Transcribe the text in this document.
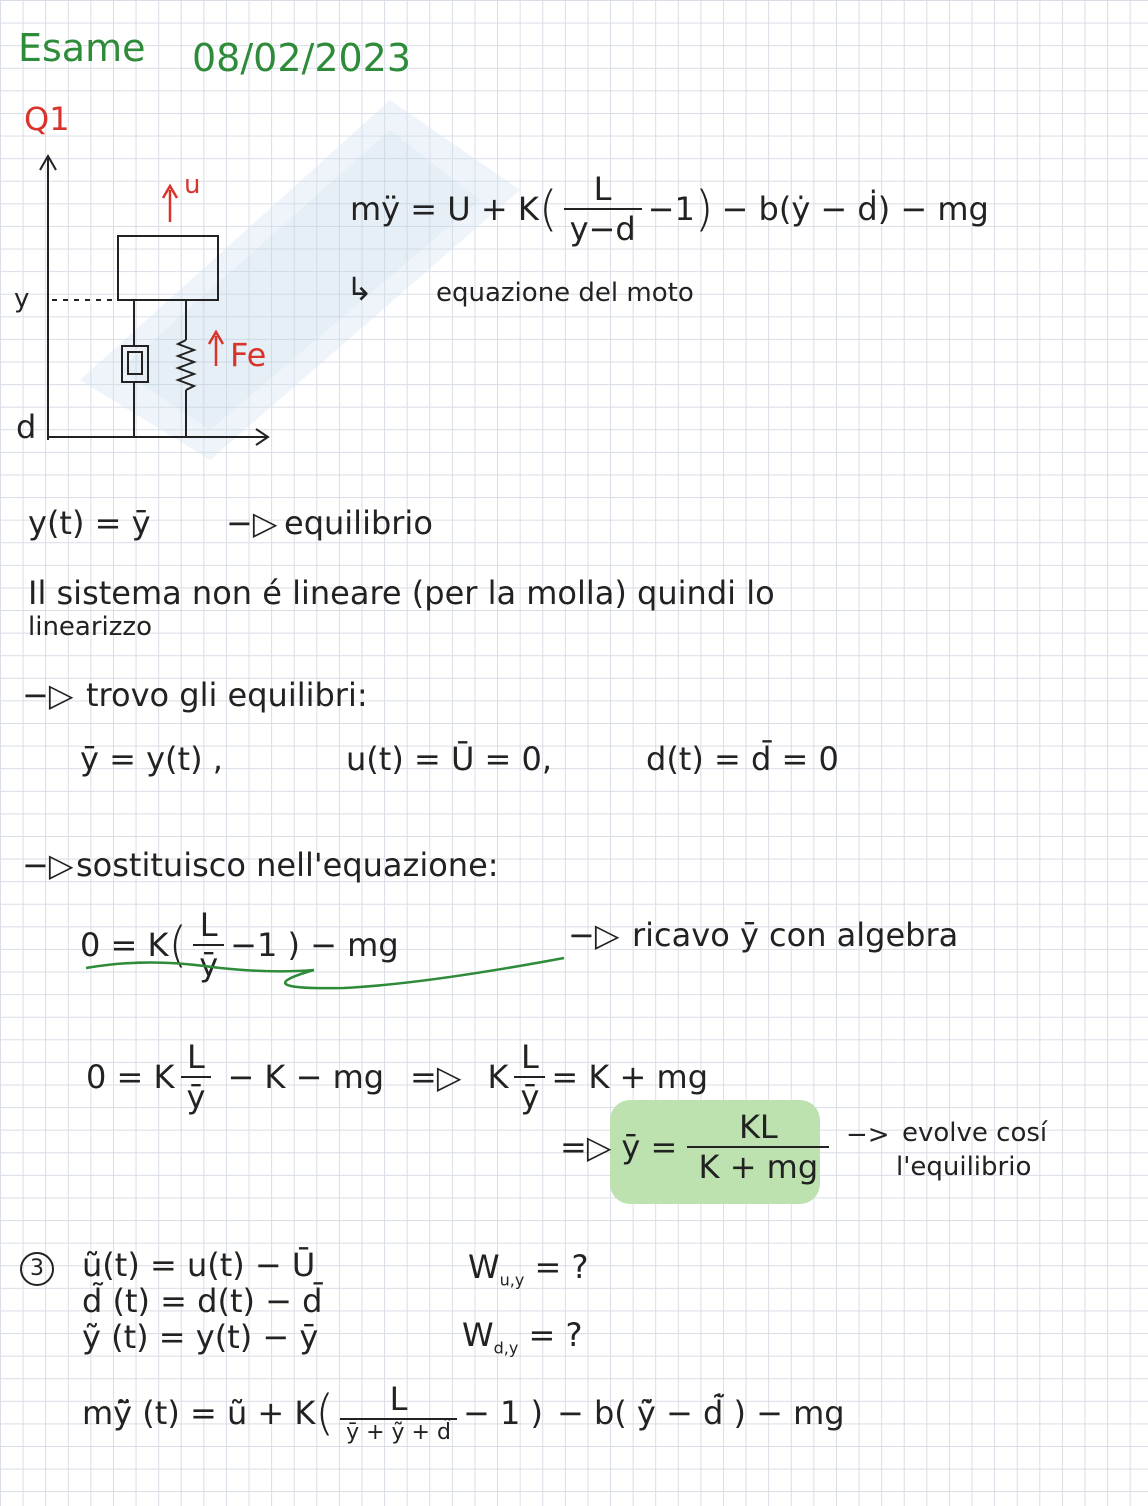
Esame 08/02/2023
Q1
u
Fe
y
d
mÿ = U + K ( $\frac{L}{y-d} -1$ ) − b(ẏ − ḋ) − mg
↳ equazione del moto
y(t) = ȳ −▷ equilibrio
Il sistema non é lineare (per la molla) quindi lo
linearizzo
−▷ trovo gli equilibri:
ȳ = y(t) ,	u(t) = Ū = 0,	d(t) = d̄ = 0
−▷ sostituisco nell'equazione:
0 = K ( $\frac{L}{ȳ} -1$ ) − mg	−▷ ricavo ȳ con algebra
0 = K $\frac{L}{ȳ} - K$ − mg =▷ K $\frac{L}{ȳ} = K$ + mg
=▷ ȳ = $\frac{KL}{K + mg}$ −> evolve cosí
l'equilibrio
3	ũ(t) = u(t) − Ū
d̃ (t) = d(t) − d̄
ỹ (t) = y(t) − ȳ
$W_{u,y}$ = ?
$W_{d,y}$ = ?
mỹ̈ (t) = ũ + K ( $\frac{L}{\text{ȳ + ỹ + d̃}} - 1$ ) − b( ỹ̇ − d̃̇ ) − mg
